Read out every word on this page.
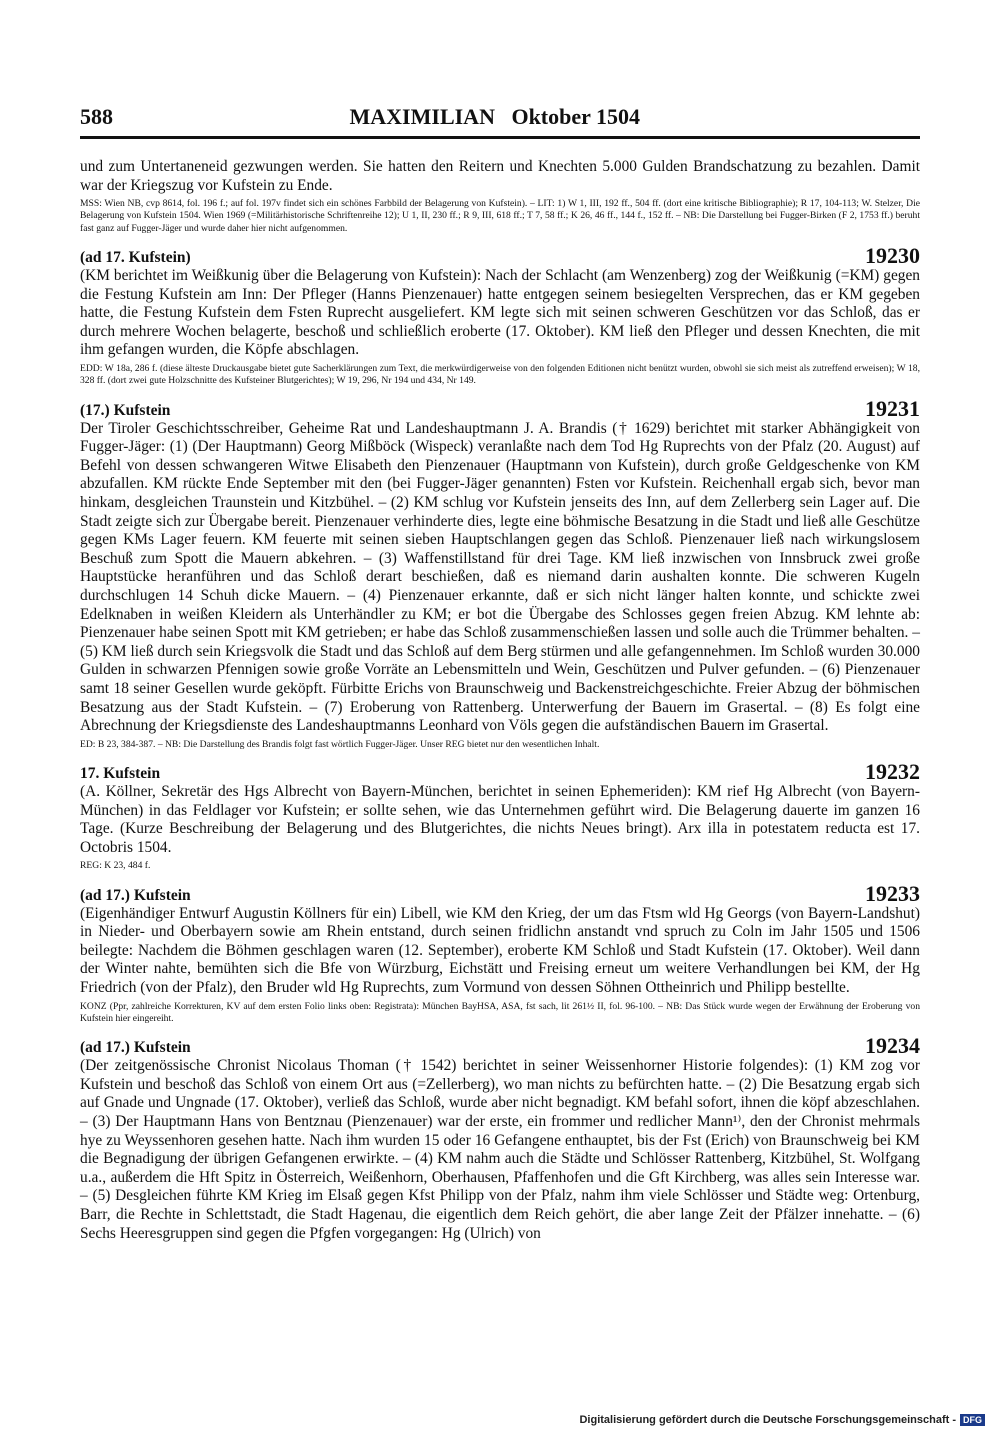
588	MAXIMILIAN   Oktober 1504

und zum Untertaneneid gezwungen werden. Sie hatten den Reitern und Knechten 5.000 Gulden Brandschatzung zu bezahlen. Damit war der Kriegszug vor Kufstein zu Ende.

MSS: Wien NB, cvp 8614, fol. 196 f.; auf fol. 197v findet sich ein schönes Farbbild der Belagerung von Kufstein). – LIT: 1) W 1, III, 192 ff., 504 ff. (dort eine kritische Bibliographie); R 17, 104-113; W. Stelzer, Die Belagerung von Kufstein 1504. Wien 1969 (=Militärhistorische Schriftenreihe 12); U 1, II, 230 ff.; R 9, III, 618 ff.; T 7, 58 ff.; K 26, 46 ff., 144 f., 152 ff. – NB: Die Darstellung bei Fugger-Birken (F 2, 1753 ff.) beruht fast ganz auf Fugger-Jäger und wurde daher hier nicht aufgenommen.

(ad 17. Kufstein)	19230

(KM berichtet im Weißkunig über die Belagerung von Kufstein): Nach der Schlacht (am Wenzenberg) zog der Weißkunig (=KM) gegen die Festung Kufstein am Inn: Der Pfleger (Hanns Pienzenauer) hatte entgegen seinem besiegelten Versprechen, das er KM gegeben hatte, die Festung Kufstein dem Fsten Ruprecht ausgeliefert. KM legte sich mit seinen schweren Geschützen vor das Schloß, das er durch mehrere Wochen belagerte, beschoß und schließlich eroberte (17. Oktober). KM ließ den Pfleger und dessen Knechten, die mit ihm gefangen wurden, die Köpfe abschlagen.

EDD: W 18a, 286 f. (diese älteste Druckausgabe bietet gute Sacherklärungen zum Text, die merkwürdigerweise von den folgenden Editionen nicht benützt wurden, obwohl sie sich meist als zutreffend erweisen); W 18, 328 ff. (dort zwei gute Holzschnitte des Kufsteiner Blutgerichtes); W 19, 296, Nr 194 und 434, Nr 149.

(17.) Kufstein	19231

Der Tiroler Geschichtsschreiber, Geheime Rat und Landeshauptmann J. A. Brandis († 1629) berichtet mit starker Abhängigkeit von Fugger-Jäger: (1) (Der Hauptmann) Georg Mißböck (Wispeck) veranlaßte nach dem Tod Hg Ruprechts von der Pfalz (20. August) auf Befehl von dessen schwangeren Witwe Elisabeth den Pienzenauer (Hauptmann von Kufstein), durch große Geldgeschenke von KM abzufallen. KM rückte Ende September mit den (bei Fugger-Jäger genannten) Fsten vor Kufstein. Reichenhall ergab sich, bevor man hinkam, desgleichen Traunstein und Kitzbühel. – (2) KM schlug vor Kufstein jenseits des Inn, auf dem Zellerberg sein Lager auf. Die Stadt zeigte sich zur Übergabe bereit. Pienzenauer verhinderte dies, legte eine böhmische Besatzung in die Stadt und ließ alle Geschütze gegen KMs Lager feuern. KM feuerte mit seinen sieben Hauptschlangen gegen das Schloß. Pienzenauer ließ nach wirkungslosem Beschuß zum Spott die Mauern abkehren. – (3) Waffenstillstand für drei Tage. KM ließ inzwischen von Innsbruck zwei große Hauptstücke heranführen und das Schloß derart beschießen, daß es niemand darin aushalten konnte. Die schweren Kugeln durchschlugen 14 Schuh dicke Mauern. – (4) Pienzenauer erkannte, daß er sich nicht länger halten konnte, und schickte zwei Edelknaben in weißen Kleidern als Unterhändler zu KM; er bot die Übergabe des Schlosses gegen freien Abzug. KM lehnte ab: Pienzenauer habe seinen Spott mit KM getrieben; er habe das Schloß zusammenschießen lassen und solle auch die Trümmer behalten. – (5) KM ließ durch sein Kriegsvolk die Stadt und das Schloß auf dem Berg stürmen und alle gefangennehmen. Im Schloß wurden 30.000 Gulden in schwarzen Pfennigen sowie große Vorräte an Lebensmitteln und Wein, Geschützen und Pulver gefunden. – (6) Pienzenauer samt 18 seiner Gesellen wurde geköpft. Fürbitte Erichs von Braunschweig und Backenstreichgeschichte. Freier Abzug der böhmischen Besatzung aus der Stadt Kufstein. – (7) Eroberung von Rattenberg. Unterwerfung der Bauern im Grasertal. – (8) Es folgt eine Abrechnung der Kriegsdienste des Landeshauptmanns Leonhard von Völs gegen die aufständischen Bauern im Grasertal.

ED: B 23, 384-387. – NB: Die Darstellung des Brandis folgt fast wörtlich Fugger-Jäger. Unser REG bietet nur den wesentlichen Inhalt.

17. Kufstein	19232

(A. Köllner, Sekretär des Hgs Albrecht von Bayern-München, berichtet in seinen Ephemeriden): KM rief Hg Albrecht (von Bayern-München) in das Feldlager vor Kufstein; er sollte sehen, wie das Unternehmen geführt wird. Die Belagerung dauerte im ganzen 16 Tage. (Kurze Beschreibung der Belagerung und des Blutgerichtes, die nichts Neues bringt). Arx illa in potestatem reducta est 17. Octobris 1504.

REG: K 23, 484 f.

(ad 17.) Kufstein	19233

(Eigenhändiger Entwurf Augustin Köllners für ein) Libell, wie KM den Krieg, der um das Ftsm wld Hg Georgs (von Bayern-Landshut) in Nieder- und Oberbayern sowie am Rhein entstand, durch seinen fridlichn anstandt vnd spruch zu Coln im Jahr 1505 und 1506 beilegte: Nachdem die Böhmen geschlagen waren (12. September), eroberte KM Schloß und Stadt Kufstein (17. Oktober). Weil dann der Winter nahte, bemühten sich die Bfe von Würzburg, Eichstätt und Freising erneut um weitere Verhandlungen bei KM, der Hg Friedrich (von der Pfalz), den Bruder wld Hg Ruprechts, zum Vormund von dessen Söhnen Ottheinrich und Philipp bestellte.

KONZ (Ppr, zahlreiche Korrekturen, KV auf dem ersten Folio links oben: Registrata): München BayHSA, ASA, fst sach, lit 261½ II, fol. 96-100. – NB: Das Stück wurde wegen der Erwähnung der Eroberung von Kufstein hier eingereiht.

(ad 17.) Kufstein	19234

(Der zeitgenössische Chronist Nicolaus Thoman († 1542) berichtet in seiner Weissenhorner Historie folgendes): (1) KM zog vor Kufstein und beschoß das Schloß von einem Ort aus (=Zellerberg), wo man nichts zu befürchten hatte. – (2) Die Besatzung ergab sich auf Gnade und Ungnade (17. Oktober), verließ das Schloß, wurde aber nicht begnadigt. KM befahl sofort, ihnen die köpf abzeschlahen. – (3) Der Hauptmann Hans von Bentznau (Pienzenauer) war der erste, ein frommer und redlicher Mann¹⁾, den der Chronist mehrmals hye zu Weyssenhoren gesehen hatte. Nach ihm wurden 15 oder 16 Gefangene enthauptet, bis der Fst (Erich) von Braunschweig bei KM die Begnadigung der übrigen Gefangenen erwirkte. – (4) KM nahm auch die Städte und Schlösser Rattenberg, Kitzbühel, St. Wolfgang u.a., außerdem die Hft Spitz in Österreich, Weißenhorn, Oberhausen, Pfaffenhofen und die Gft Kirchberg, was alles sein Interesse war. – (5) Desgleichen führte KM Krieg im Elsaß gegen Kfst Philipp von der Pfalz, nahm ihm viele Schlösser und Städte weg: Ortenburg, Barr, die Rechte in Schlettstadt, die Stadt Hagenau, die eigentlich dem Reich gehört, die aber lange Zeit der Pfälzer innehatte. – (6) Sechs Heeresgruppen sind gegen die Pfgfen vorgegangen: Hg (Ulrich) von

Digitalisierung gefördert durch die Deutsche Forschungsgemeinschaft - DFG
